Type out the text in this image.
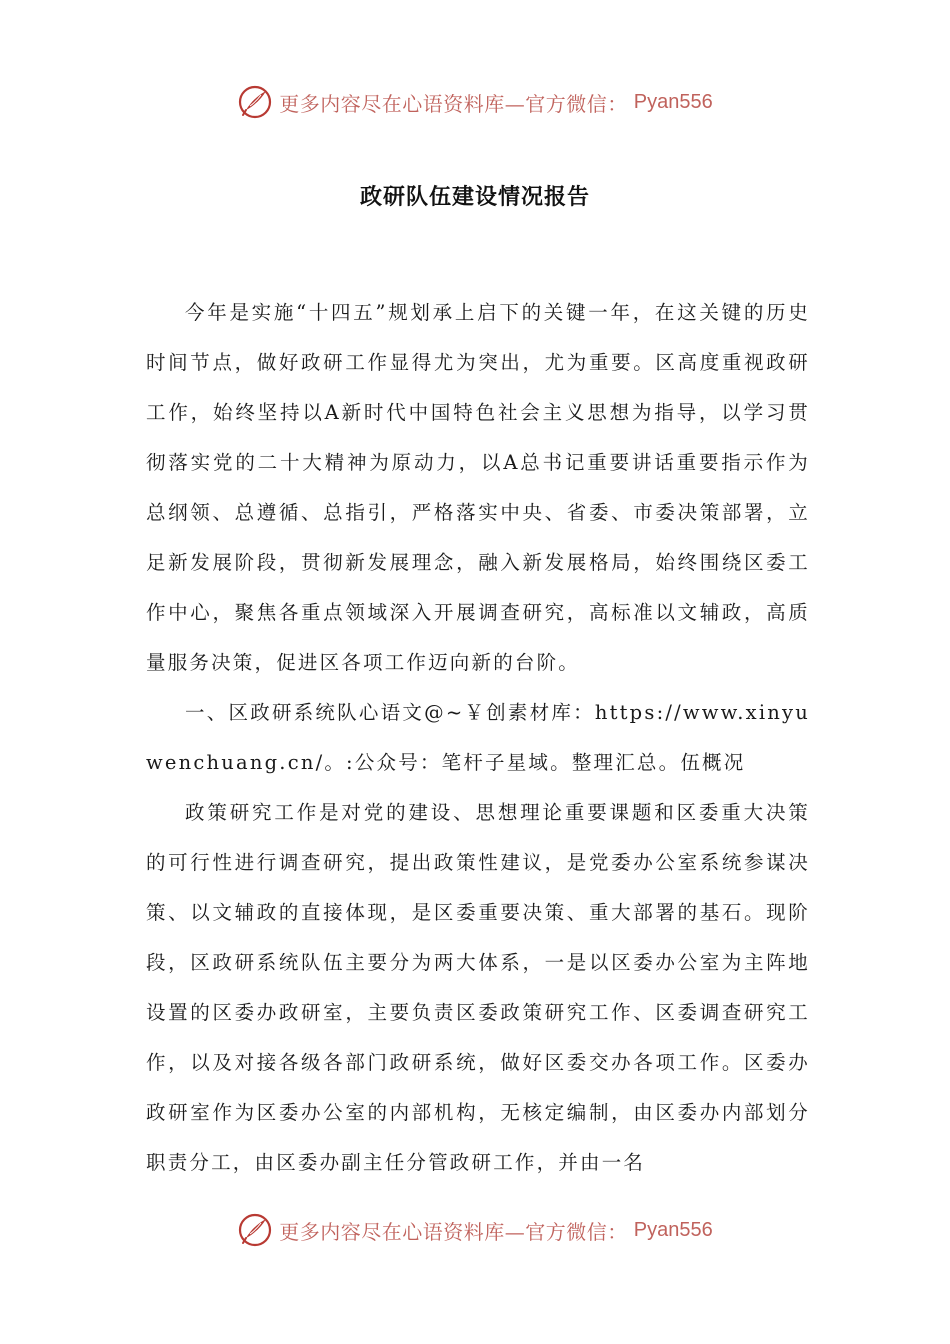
更多内容尽在心语资料库—官方微信： Pyan556
政研队伍建设情况报告

今年是实施“十四五”规划承上启下的关键一年，在这关键的历史时间节点，做好政研工作显得尤为突出，尤为重要。区高度重视政研工作，始终坚持以A新时代中国特色社会主义思想为指导，以学习贯彻落实党的二十大精神为原动力，以A总书记重要讲话重要指示作为总纲领、总遵循、总指引，严格落实中央、省委、市委决策部署，立足新发展阶段，贯彻新发展理念，融入新发展格局，始终围绕区委工作中心，聚焦各重点领域深入开展调查研究，高标准以文辅政，高质量服务决策，促进区各项工作迈向新的台阶。

一、区政研系统队心语文@~￥创素材库：https://www.xinyuwenchuang.cn/。:公众号：笔杆子星域。整理汇总。伍概况

政策研究工作是对党的建设、思想理论重要课题和区委重大决策的可行性进行调查研究，提出政策性建议，是党委办公室系统参谋决策、以文辅政的直接体现，是区委重要决策、重大部署的基石。现阶段，区政研系统队伍主要分为两大体系，一是以区委办公室为主阵地设置的区委办政研室，主要负责区委政策研究工作、区委调查研究工作，以及对接各级各部门政研系统，做好区委交办各项工作。区委办政研室作为区委办公室的内部机构，无核定编制，由区委办内部划分职责分工，由区委办副主任分管政研工作，并由一名

更多内容尽在心语资料库—官方微信： Pyan556
